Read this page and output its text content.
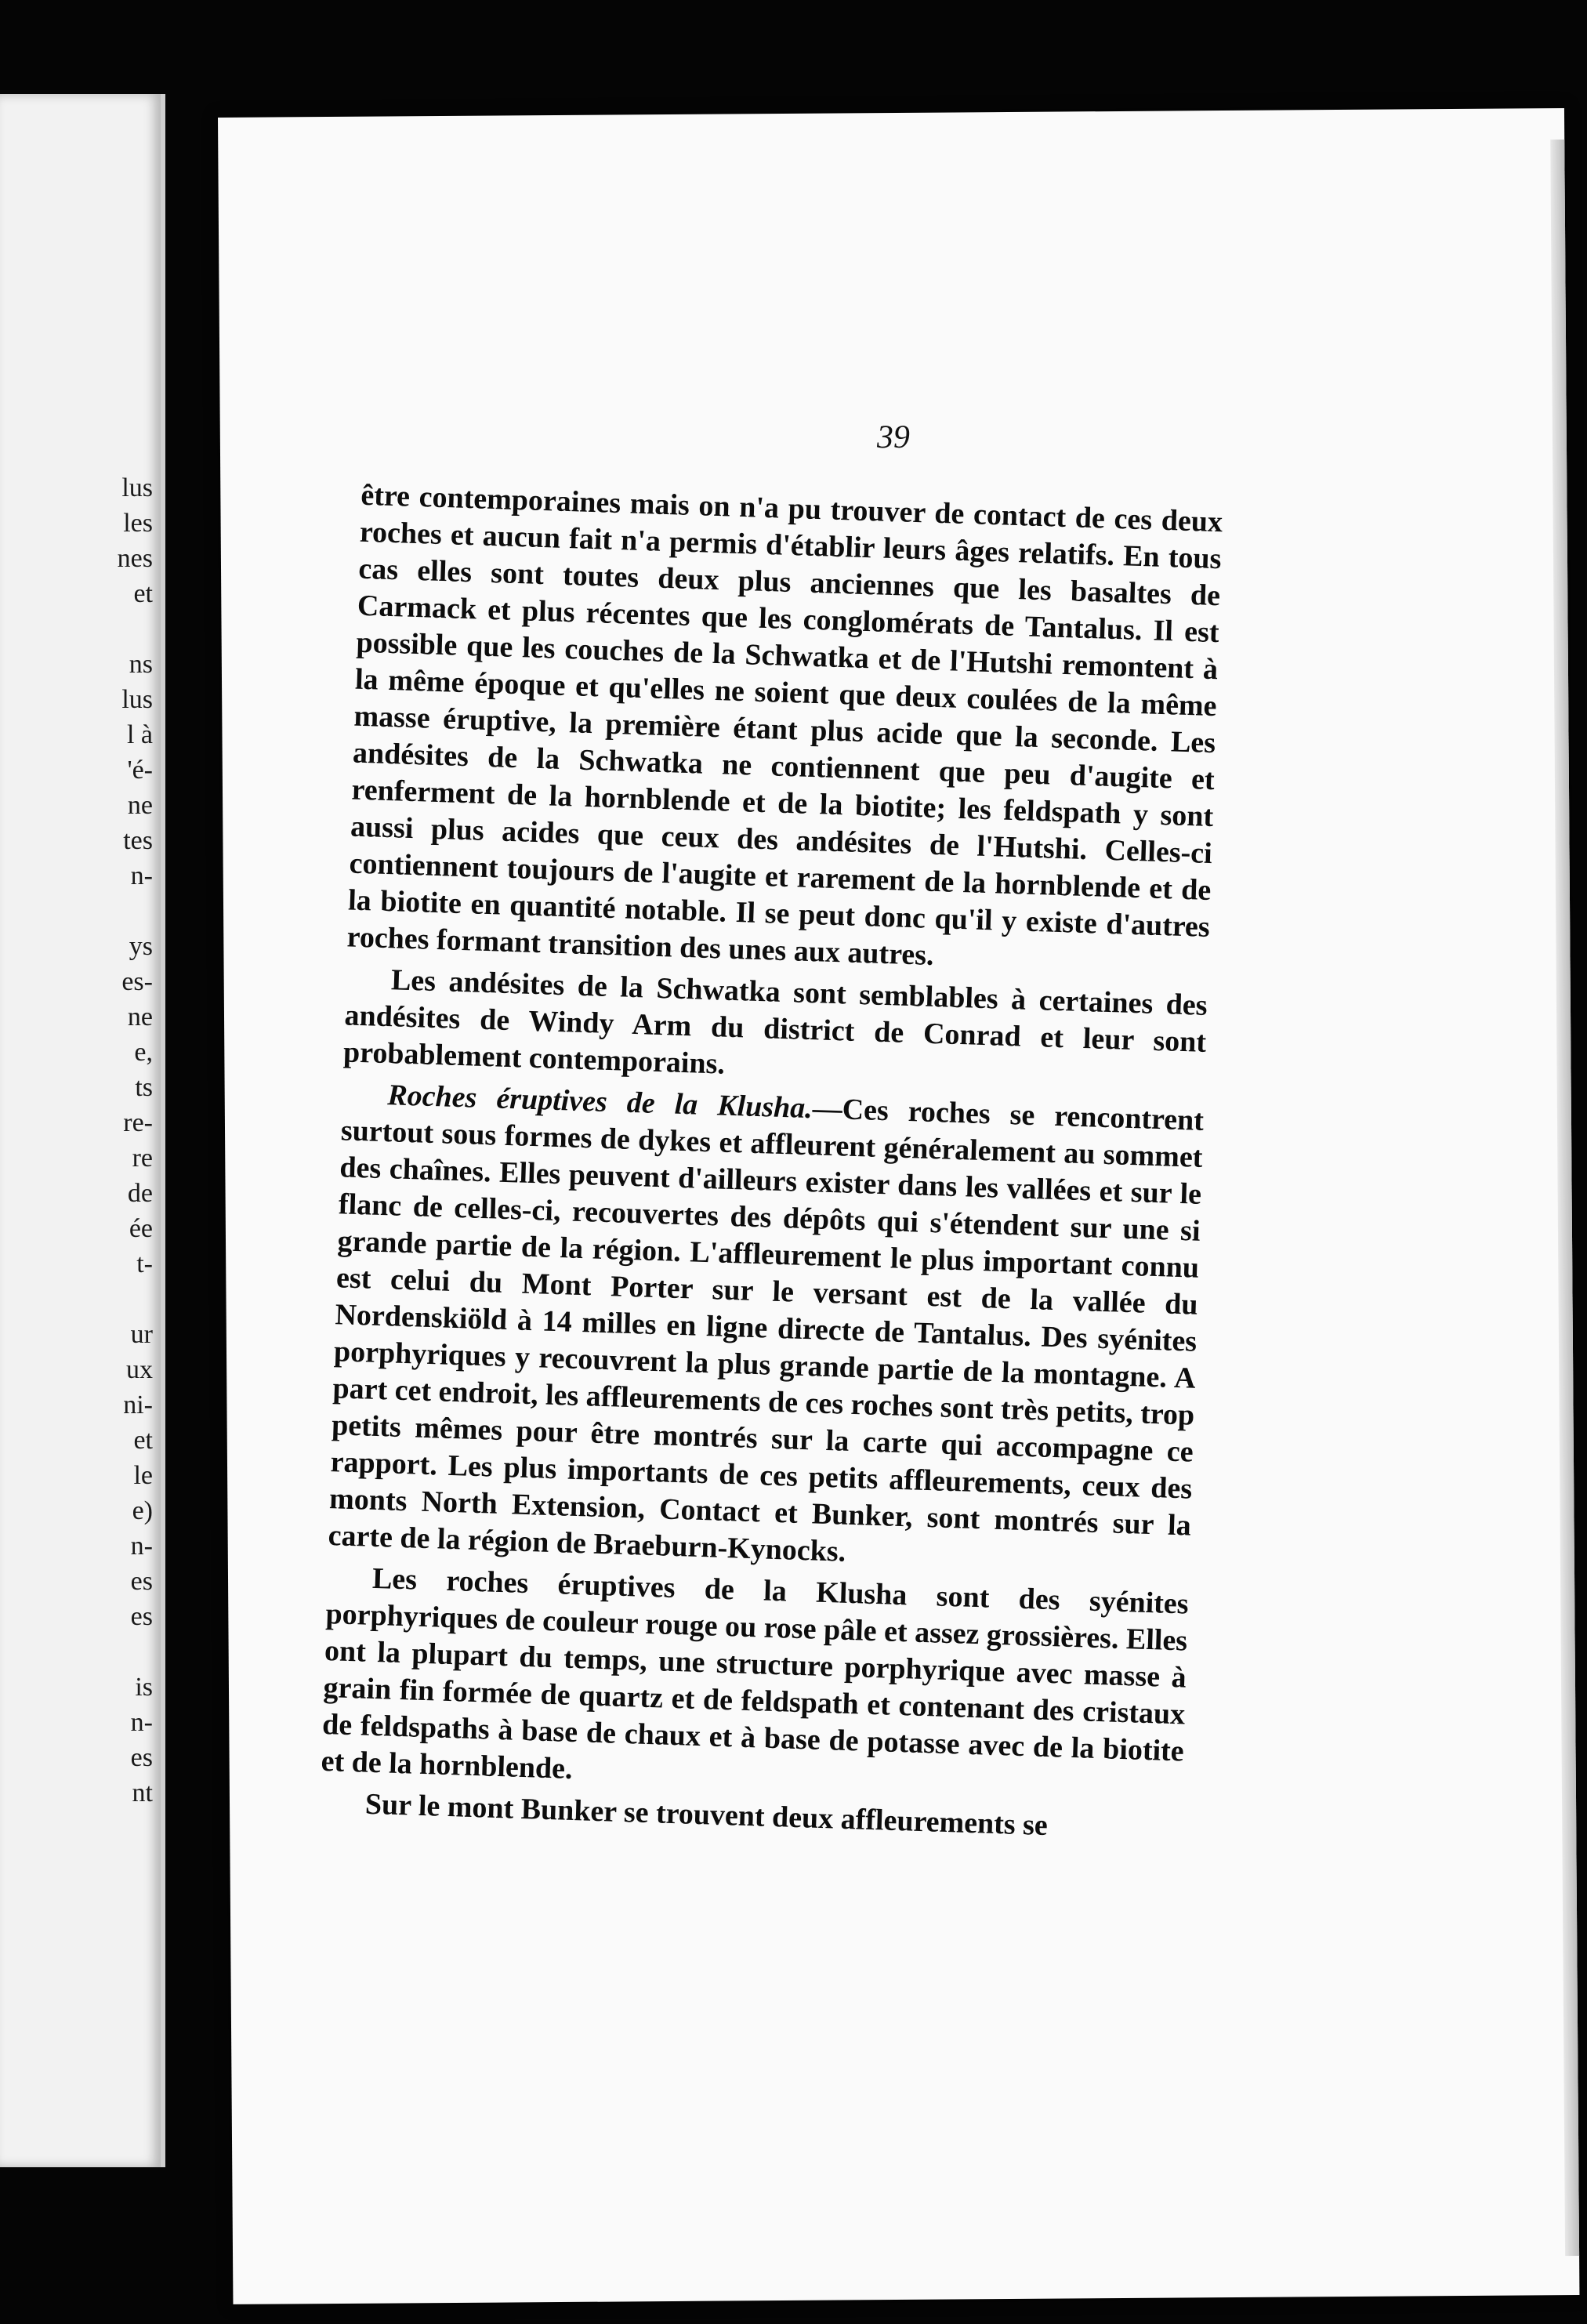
lus
les
nes
et

ns
lus
l à
'é-
ne
tes
n-

ys
es-
ne
e,
ts
re-
re
de
ée
t-

ur
ux
ni-
et
le
e)
n-
es
es

is
n-
es
nt
39

être contemporaines mais on n'a pu trouver de contact de ces deux roches et aucun fait n'a permis d'établir leurs âges relatifs. En tous cas elles sont toutes deux plus anciennes que les basaltes de Carmack et plus récentes que les conglomérats de Tantalus. Il est possible que les couches de la Schwatka et de l'Hutshi remontent à la même époque et qu'elles ne soient que deux coulées de la même masse éruptive, la première étant plus acide que la seconde. Les andésites de la Schwatka ne contiennent que peu d'augite et renferment de la hornblende et de la biotite; les feldspath y sont aussi plus acides que ceux des andésites de l'Hutshi. Celles-ci contiennent toujours de l'augite et rarement de la hornblende et de la biotite en quantité notable. Il se peut donc qu'il y existe d'autres roches formant transition des unes aux autres.

Les andésites de la Schwatka sont semblables à certaines des andésites de Windy Arm du district de Conrad et leur sont probablement contemporains.

Roches éruptives de la Klusha.—Ces roches se rencontrent surtout sous formes de dykes et affleurent généralement au sommet des chaînes. Elles peuvent d'ailleurs exister dans les vallées et sur le flanc de celles-ci, recouvertes des dépôts qui s'étendent sur une si grande partie de la région. L'affleurement le plus important connu est celui du Mont Porter sur le versant est de la vallée du Nordenskiöld à 14 milles en ligne directe de Tantalus. Des syénites porphyriques y recouvrent la plus grande partie de la montagne. A part cet endroit, les affleurements de ces roches sont très petits, trop petits mêmes pour être montrés sur la carte qui accompagne ce rapport. Les plus importants de ces petits affleurements, ceux des monts North Extension, Contact et Bunker, sont montrés sur la carte de la région de Braeburn-Kynocks.

Les roches éruptives de la Klusha sont des syénites porphyriques de couleur rouge ou rose pâle et assez grossières. Elles ont la plupart du temps, une structure porphyrique avec masse à grain fin formée de quartz et de feldspath et contenant des cristaux de feldspaths à base de chaux et à base de potasse avec de la biotite et de la hornblende.

Sur le mont Bunker se trouvent deux affleurements se
